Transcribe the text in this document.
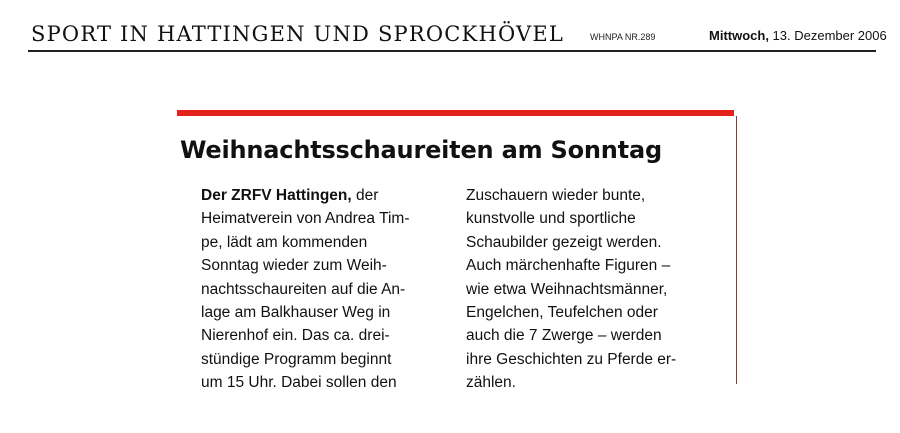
SPORT IN HATTINGEN UND SPROCKHÖVEL	WHNPA NR.289	Mittwoch, 13. Dezember 2006
Weihnachtsschaureiten am Sonntag
Der ZRFV Hattingen, der
Heimatverein von Andrea Tim-
pe, lädt am kommenden
Sonntag wieder zum Weih-
nachtsschaureiten auf die An-
lage am Balkhauser Weg in
Nierenhof ein. Das ca. drei-
stündige Programm beginnt
um 15 Uhr. Dabei sollen den
Zuschauern wieder bunte,
kunstvolle und sportliche
Schaubilder gezeigt werden.
Auch märchenhafte Figuren –
wie etwa Weihnachtsmänner,
Engelchen, Teufelchen oder
auch die 7 Zwerge – werden
ihre Geschichten zu Pferde er-
zählen.
